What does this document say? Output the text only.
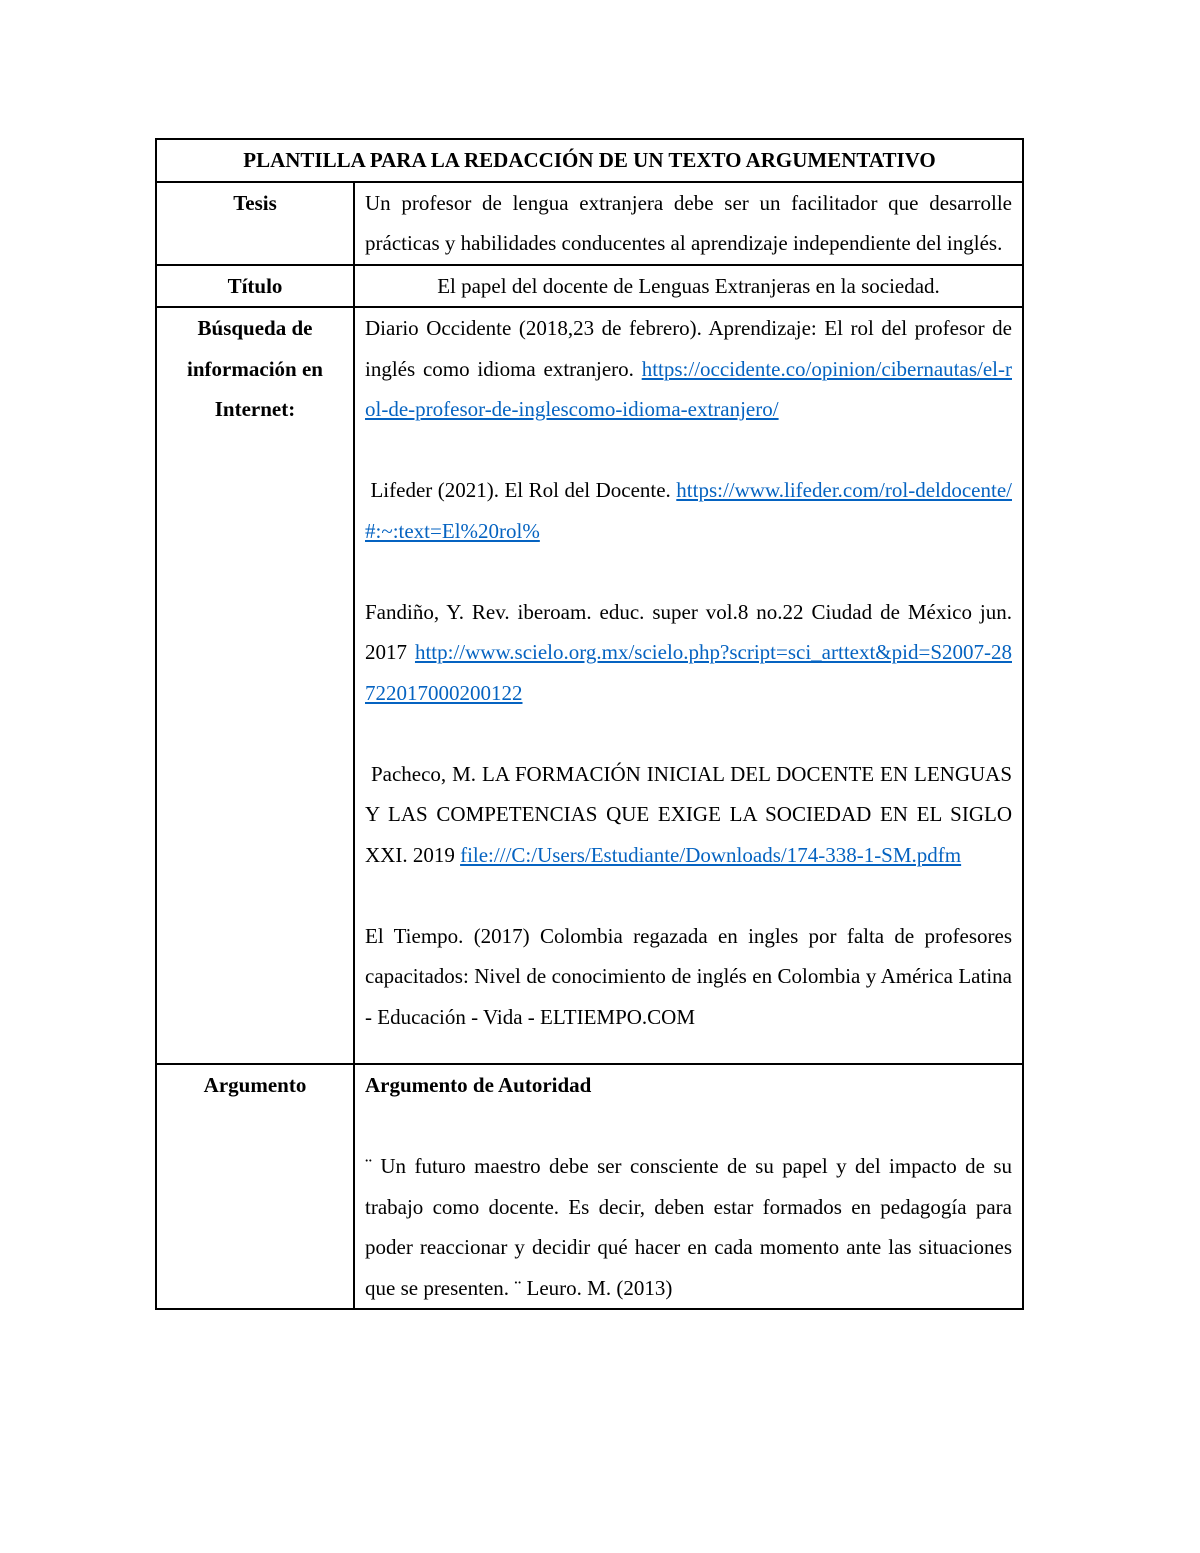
PLANTILLA PARA LA REDACCIÓN DE UN TEXTO ARGUMENTATIVO	
Tesis	Un profesor de lengua extranjera debe ser un facilitador que desarrolle prácticas y habilidades conducentes al aprendizaje independiente del inglés.
Título	El papel del docente de Lenguas Extranjeras en la sociedad.
Búsqueda de información en Internet:	Diario Occidente (2018,23 de febrero). Aprendizaje: El rol del profesor de inglés como idioma extranjero. https://occidente.co/opinion/cibernautas/el-rol-de-profesor-de-inglescomo-idioma-extranjero/

Lifeder (2021). El Rol del Docente. https://www.lifeder.com/rol-deldocente/#:~:text=El%20rol%

Fandiño, Y. Rev. iberoam. educ. super vol.8 no.22 Ciudad de México jun. 2017 http://www.scielo.org.mx/scielo.php?script=sci_arttext&pid=S2007-28722017000200122

Pacheco, M. LA FORMACIÓN INICIAL DEL DOCENTE EN LENGUAS Y LAS COMPETENCIAS QUE EXIGE LA SOCIEDAD EN EL SIGLO XXI. 2019 file:///C:/Users/Estudiante/Downloads/174-338-1-SM.pdfm

El Tiempo. (2017) Colombia regazada en ingles por falta de profesores capacitados: Nivel de conocimiento de inglés en Colombia y América Latina - Educación - Vida - ELTIEMPO.COM

Argumento	Argumento de Autoridad

¨ Un futuro maestro debe ser consciente de su papel y del impacto de su trabajo como docente. Es decir, deben estar formados en pedagogía para poder reaccionar y decidir qué hacer en cada momento ante las situaciones que se presenten. ¨ Leuro. M. (2013)
